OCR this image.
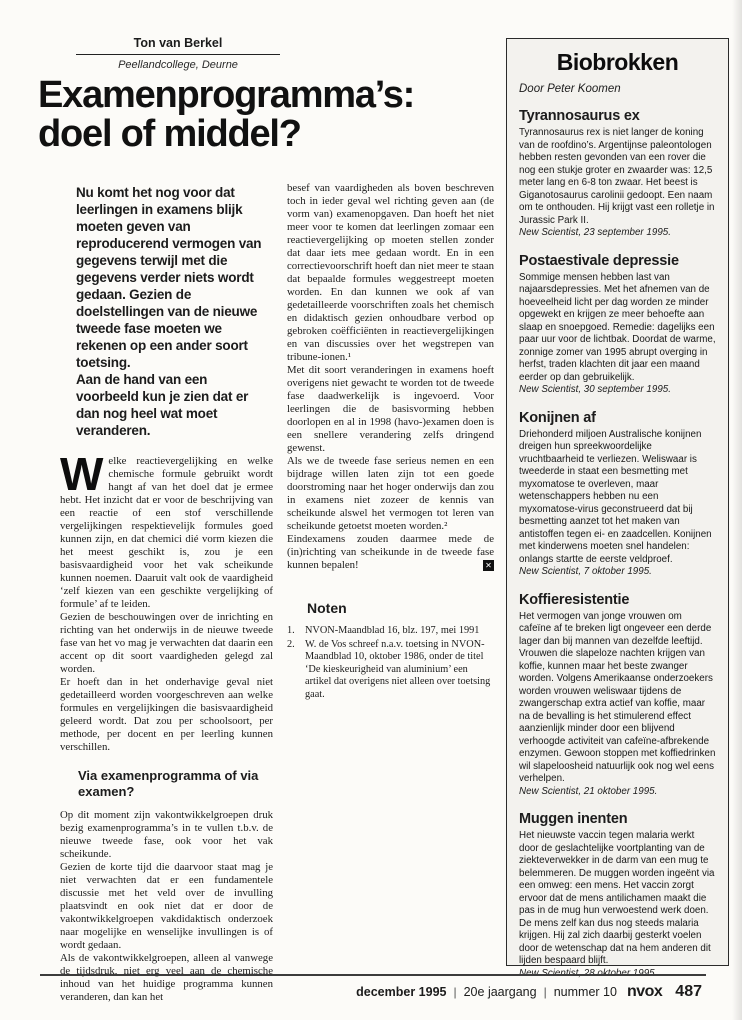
Ton van Berkel
Peellandcollege, Deurne
Examenprogramma’s:
doel of middel?

Nu komt het nog voor dat leerlingen in examens blijk moeten geven van reproducerend vermogen van gegevens terwijl met die gegevens verder niets wordt gedaan. Gezien de doelstellingen van de nieuwe tweede fase moeten we rekenen op een ander soort toetsing.

Aan de hand van een voorbeeld kun je zien dat er dan nog heel wat moet veranderen.

Welke reactievergelijking en welke chemische formule gebruikt wordt hangt af van het doel dat je ermee hebt. Het inzicht dat er voor de beschrijving van een reactie of een stof verschillende vergelijkingen respektievelijk formules goed kunnen zijn, en dat chemici dié vorm kiezen die het meest geschikt is, zou je een basisvaardigheid voor het vak scheikunde kunnen noemen. Daaruit valt ook de vaardigheid ‘zelf kiezen van een geschikte vergelijking of formule’ af te leiden.

Gezien de beschouwingen over de inrichting en richting van het onderwijs in de nieuwe tweede fase van het vo mag je verwachten dat daarin een accent op dit soort vaardigheden gelegd zal worden.

Er hoeft dan in het onderhavige geval niet gedetailleerd worden voorgeschreven aan welke formules en vergelijkingen die basisvaardigheid geleerd wordt. Dat zou per schoolsoort, per methode, per docent en per leerling kunnen verschillen.

Via examenprogramma of via examen?

Op dit moment zijn vakontwikkelgroepen druk bezig examenprogramma’s in te vullen t.b.v. de nieuwe tweede fase, ook voor het vak scheikunde.

Gezien de korte tijd die daarvoor staat mag je niet verwachten dat er een fundamentele discussie met het veld over de invulling plaatsvindt en ook niet dat er door de vakontwikkelgroepen vakdidaktisch onderzoek naar mogelijke en wenselijke invullingen is of wordt gedaan.

Als de vakontwikkelgroepen, alleen al vanwege de tijdsdruk, niet erg veel aan de chemische inhoud van het huidige programma kunnen veranderen, dan kan het

besef van vaardigheden als boven beschreven toch in ieder geval wel richting geven aan (de vorm van) examenopgaven. Dan hoeft het niet meer voor te komen dat leerlingen zomaar een reactievergelijking op moeten stellen zonder dat daar iets mee gedaan wordt. En in een correctievoorschrift hoeft dan niet meer te staan dat bepaalde formules weggestreept moeten worden. En dan kunnen we ook af van gedetailleerde voorschriften zoals het chemisch en didaktisch gezien onhoudbare verbod op gebroken coëfficiënten in reactievergelijkingen en van discussies over het wegstrepen van tribune-ionen.¹

Met dit soort veranderingen in examens hoeft overigens niet gewacht te worden tot de tweede fase daadwerkelijk is ingevoerd. Voor leerlingen die de basisvorming hebben doorlopen en al in 1998 (havo-)examen doen is een snellere verandering zelfs dringend gewenst.

Als we de tweede fase serieus nemen en een bijdrage willen laten zijn tot een goede doorstroming naar het hoger onderwijs dan zou in examens niet zozeer de kennis van scheikunde alswel het vermogen tot leren van scheikunde getoetst moeten worden.²

Eindexamens zouden daarmee mede de (in)richting van scheikunde in de tweede fase kunnen bepalen!	✕

Noten
1. NVON-Maandblad 16, blz. 197, mei 1991
2. W. de Vos schreef n.a.v. toetsing in NVON-Maandblad 10, oktober 1986, onder de titel ‘De kieskeurigheid van aluminium’ een artikel dat overigens niet alleen over toetsing gaat.
Biobrokken
Door Peter Koomen
Tyrannosaurus ex
Tyrannosaurus rex is niet langer de koning van de roofdino’s. Argentijnse paleontologen hebben resten gevonden van een rover die nog een stukje groter en zwaarder was: 12,5 meter lang en 6-8 ton zwaar. Het beest is Giganotosaurus carolinii gedoopt. Een naam om te onthouden. Hij krijgt vast een rolletje in Jurassic Park II.
New Scientist, 23 september 1995.
Postaestivale depressie
Sommige mensen hebben last van najaarsdepressies. Met het afnemen van de hoeveelheid licht per dag worden ze minder opgewekt en krijgen ze meer behoefte aan slaap en snoepgoed. Remedie: dagelijks een paar uur voor de lichtbak. Doordat de warme, zonnige zomer van 1995 abrupt overging in herfst, traden klachten dit jaar een maand eerder op dan gebruikelijk.
New Scientist, 30 september 1995.
Konijnen af
Driehonderd miljoen Australische konijnen dreigen hun spreekwoordelijke vruchtbaarheid te verliezen. Weliswaar is tweederde in staat een besmetting met myxomatose te overleven, maar wetenschappers hebben nu een myxomatose-virus geconstrueerd dat bij besmetting aanzet tot het maken van antistoffen tegen ei- en zaadcellen. Konijnen met kinderwens moeten snel handelen: onlangs startte de eerste veldproef.
New Scientist, 7 oktober 1995.
Koffieresistentie
Het vermogen van jonge vrouwen om cafeïne af te breken ligt ongeveer een derde lager dan bij mannen van dezelfde leeftijd. Vrouwen die slapeloze nachten krijgen van koffie, kunnen maar het beste zwanger worden. Volgens Amerikaanse onderzoekers worden vrouwen weliswaar tijdens de zwangerschap extra actief van koffie, maar na de bevalling is het stimulerend effect aanzienlijk minder door een blijvend verhoogde activiteit van cafeïne-afbrekende enzymen. Gewoon stoppen met koffiedrinken wil slapeloosheid natuurlijk ook nog wel eens verhelpen.
New Scientist, 21 oktober 1995.
Muggen inenten
Het nieuwste vaccin tegen malaria werkt door de geslachtelijke voortplanting van de ziekteverwekker in de darm van een mug te belemmeren. De muggen worden ingeënt via een omweg: een mens. Het vaccin zorgt ervoor dat de mens antilichamen maakt die pas in de mug hun verwoestend werk doen. De mens zelf kan dus nog steeds malaria krijgen. Hij zal zich daarbij gesterkt voelen door de wetenschap dat na hem anderen dit lijden bespaard blijft.
New Scientist, 28 oktober 1995.
december 1995 | 20e jaargang | nummer 10 nvox 487
